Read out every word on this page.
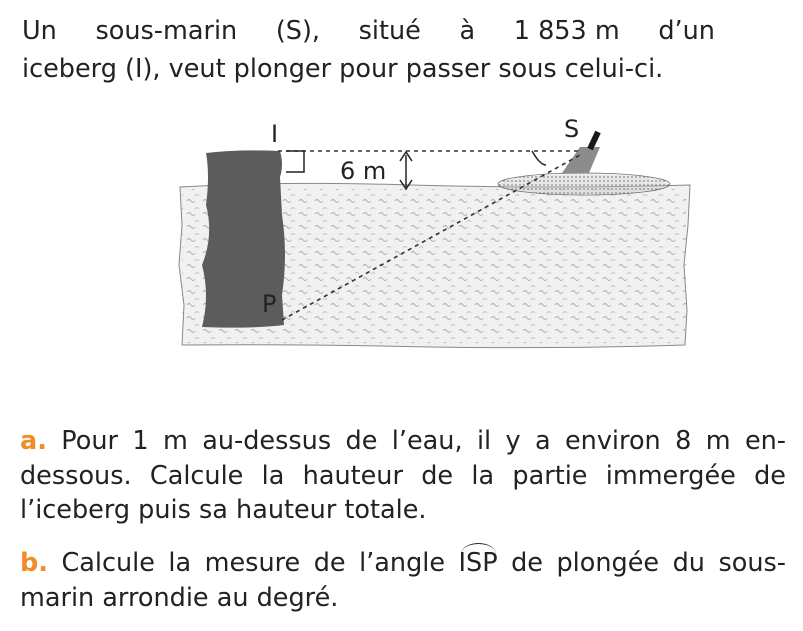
Un sous-marin (S), situé à 1 853 m d’un
iceberg (I), veut plonger pour passer sous celui-ci.

I	S
P
6 m

a. Pour 1 m au-dessus de l’eau, il y a environ 8 m en-dessous. Calcule la hauteur de la partie immergée de l’iceberg puis sa hauteur totale.

b. Calcule la mesure de l’angle ISP de plongée du sous-marin arrondie au degré.
